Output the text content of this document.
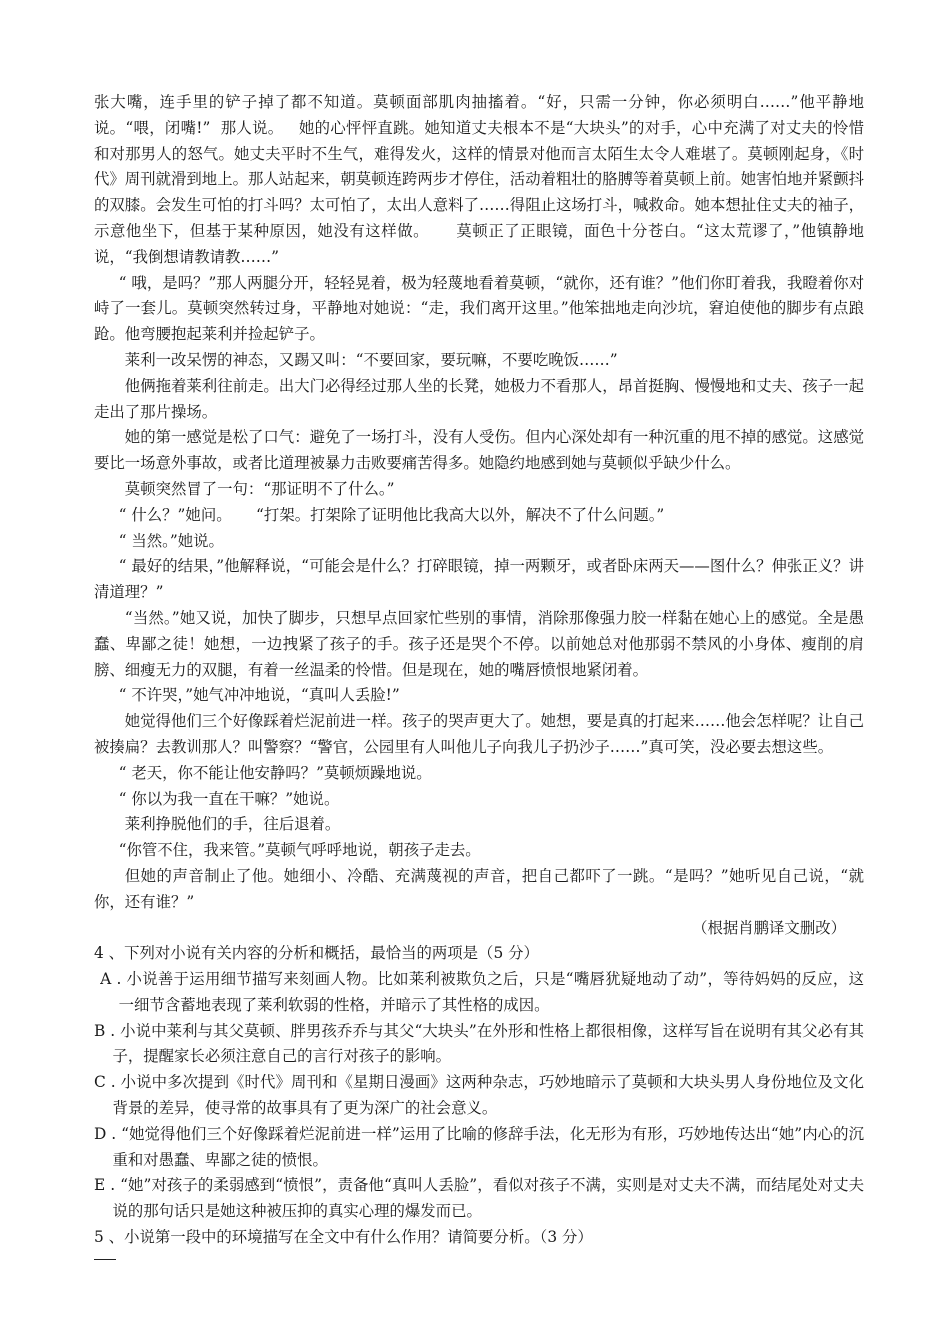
张大嘴，连手里的铲子掉了都不知道。莫顿面部肌肉抽搐着。“好，只需一分钟，你必须明白……”他平静地说。“喂，闭嘴!”  那人说。   她的心怦怦直跳。她知道丈夫根本不是“大块头”的对手，心中充满了对丈夫的怜惜和对那男人的怒气。她丈夫平时不生气，难得发火，这样的情景对他而言太陌生太令人难堪了。莫顿刚起身，《时代》周刊就滑到地上。那人站起来，朝莫顿连跨两步才停住，活动着粗壮的胳膊等着莫顿上前。她害怕地并紧颤抖的双膝。会发生可怕的打斗吗？太可怕了，太出人意料了……得阻止这场打斗，喊救命。她本想扯住丈夫的袖子，示意他坐下，但基于某种原因，她没有这样做。     莫顿正了正眼镜，面色十分苍白。“这太荒谬了，”他镇静地说，“我倒想请教请教……”

“ 哦，是吗？”那人两腿分开，轻轻晃着，极为轻蔑地看着莫顿，“就你，还有谁？”他们你盯着我，我瞪着你对峙了一套儿。莫顿突然转过身，平静地对她说：“走，我们离开这里。”他笨拙地走向沙坑，窘迫使他的脚步有点踉跄。他弯腰抱起莱利并捡起铲子。

莱利一改呆愣的神态，又踢又叫：“不要回家，要玩嘛，不要吃晚饭……”

他俩拖着莱利往前走。出大门必得经过那人坐的长凳，她极力不看那人，昂首挺胸、慢慢地和丈夫、孩子一起走出了那片操场。

她的第一感觉是松了口气：避免了一场打斗，没有人受伤。但内心深处却有一种沉重的甩不掉的感觉。这感觉要比一场意外事故，或者比道理被暴力击败要痛苦得多。她隐约地感到她与莫顿似乎缺少什么。

莫顿突然冒了一句：“那证明不了什么。”

“ 什么？”她问。     “打架。打架除了证明他比我高大以外，解决不了什么问题。”

“ 当然。”她说。

“ 最好的结果，”他解释说，“可能会是什么？打碎眼镜，掉一两颗牙，或者卧床两天——图什么？伸张正义？讲清道理？”

“当然。”她又说，加快了脚步，只想早点回家忙些别的事情，消除那像强力胶一样黏在她心上的感觉。全是愚蠢、卑鄙之徒！她想，一边拽紧了孩子的手。孩子还是哭个不停。以前她总对他那弱不禁风的小身体、瘦削的肩膀、细瘦无力的双腿，有着一丝温柔的怜惜。但是现在，她的嘴唇愤恨地紧闭着。

“ 不许哭，”她气冲冲地说，“真叫人丢脸!”

她觉得他们三个好像踩着烂泥前进一样。孩子的哭声更大了。她想，要是真的打起来……他会怎样呢？让自己被揍扁？去教训那人？叫警察？“警官，公园里有人叫他儿子向我儿子扔沙子……”真可笑，没必要去想这些。

“ 老天，你不能让他安静吗？”莫顿烦躁地说。

“ 你以为我一直在干嘛？”她说。

莱利挣脱他们的手，往后退着。

“你管不住，我来管。”莫顿气呼呼地说，朝孩子走去。

但她的声音制止了他。她细小、冷酷、充满蔑视的声音，把自己都吓了一跳。“是吗？”她听见自己说，“就你，还有谁？”

（根据肖鹏译文删改）

4 、下列对小说有关内容的分析和概括，最恰当的两项是（5 分）

A . 小说善于运用细节描写来刻画人物。比如莱利被欺负之后，只是“嘴唇犹疑地动了动”，等待妈妈的反应，这一细节含蓄地表现了莱利软弱的性格，并暗示了其性格的成因。

B . 小说中莱利与其父莫顿、胖男孩乔乔与其父“大块头”在外形和性格上都很相像，这样写旨在说明有其父必有其子，提醒家长必须注意自己的言行对孩子的影响。

C . 小说中多次提到《时代》周刊和《星期日漫画》这两种杂志，巧妙地暗示了莫顿和大块头男人身份地位及文化背景的差异，使寻常的故事具有了更为深广的社会意义。

D . “她觉得他们三个好像踩着烂泥前进一样”运用了比喻的修辞手法，化无形为有形，巧妙地传达出“她”内心的沉重和对愚蠢、卑鄙之徒的愤恨。

E . “她”对孩子的柔弱感到“愤恨”，责备他“真叫人丢脸”，看似对孩子不满，实则是对丈夫不满，而结尾处对丈夫说的那句话只是她这种被压抑的真实心理的爆发而已。

5 、小说第一段中的环境描写在全文中有什么作用？请简要分析。（3 分）
